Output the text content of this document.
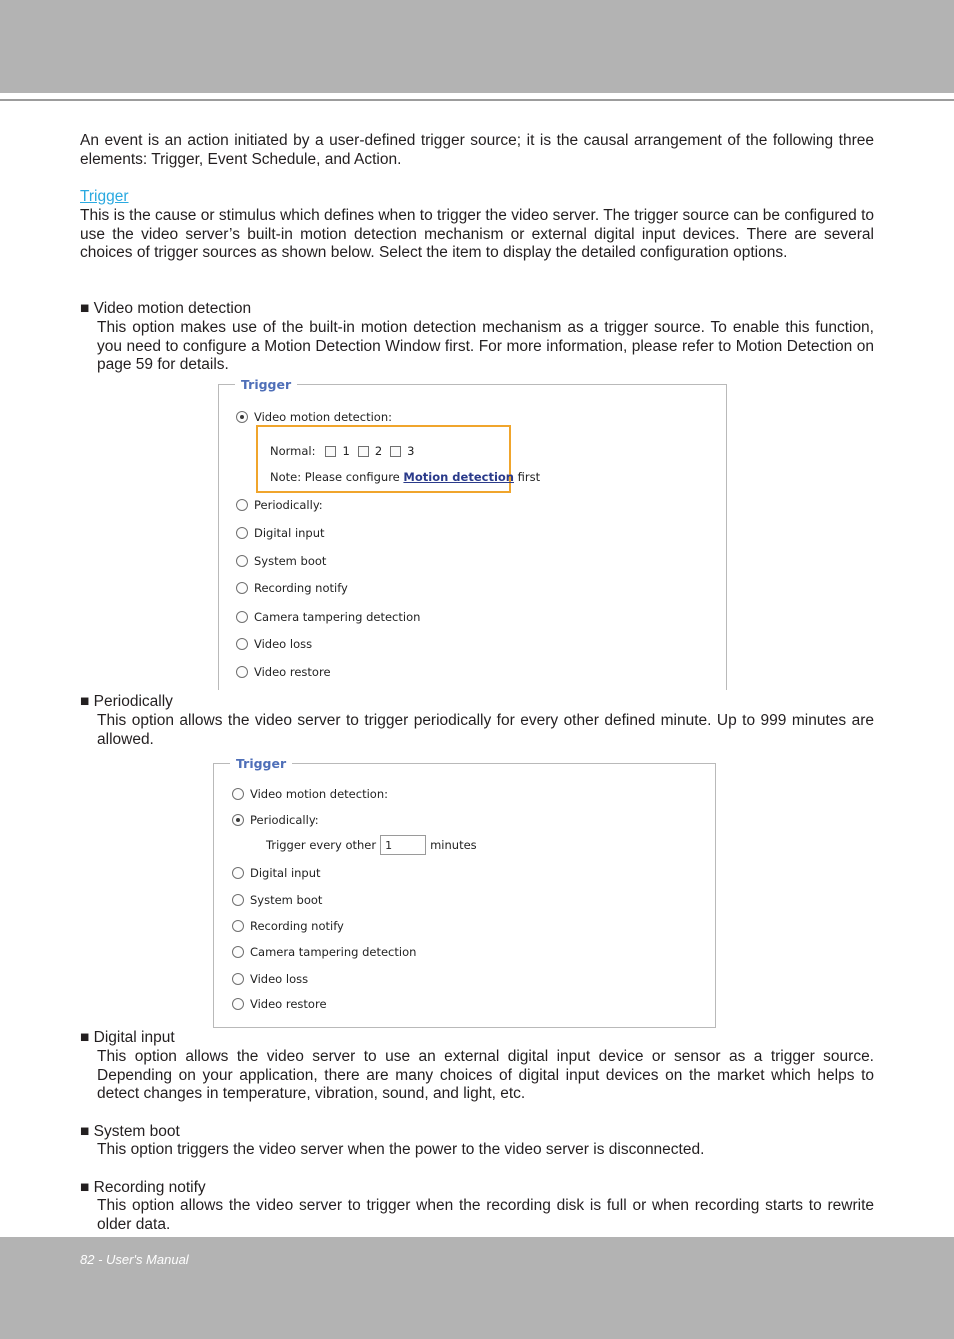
An event is an action initiated by a user-defined trigger source; it is the causal arrangement of the following three elements: Trigger, Event Schedule, and Action.

Trigger

This is the cause or stimulus which defines when to trigger the video server. The trigger source can be configured to use the video server’s built-in motion detection mechanism or external digital input devices. There are several choices of trigger sources as shown below. Select the item to display the detailed configuration options.

■ Video motion detection

This option makes use of the built-in motion detection mechanism as a trigger source. To enable this function, you need to configure a Motion Detection Window first. For more information, please refer to Motion Detection on page 59 for details.

Trigger
Video motion detection:
Normal: 1 2 3
Note: Please configure Motion detection first
Periodically:
Digital input
System boot
Recording notify
Camera tampering detection
Video loss
Video restore
■ Periodically

This option allows the video server to trigger periodically for every other defined minute. Up to 999 minutes are allowed.

Trigger
Video motion detection:
Periodically:
Trigger every other 1	minutes
Digital input
System boot
Recording notify
Camera tampering detection
Video loss
Video restore
■ Digital input

This option allows the video server to use an external digital input device or sensor as a trigger source. Depending on your application, there are many choices of digital input devices on the market which helps to detect changes in temperature, vibration, sound, and light, etc.

■ System boot

This option triggers the video server when the power to the video server is disconnected.

■ Recording notify

This option allows the video server to trigger when the recording disk is full or when recording starts to rewrite older data.

82 - User's Manual
